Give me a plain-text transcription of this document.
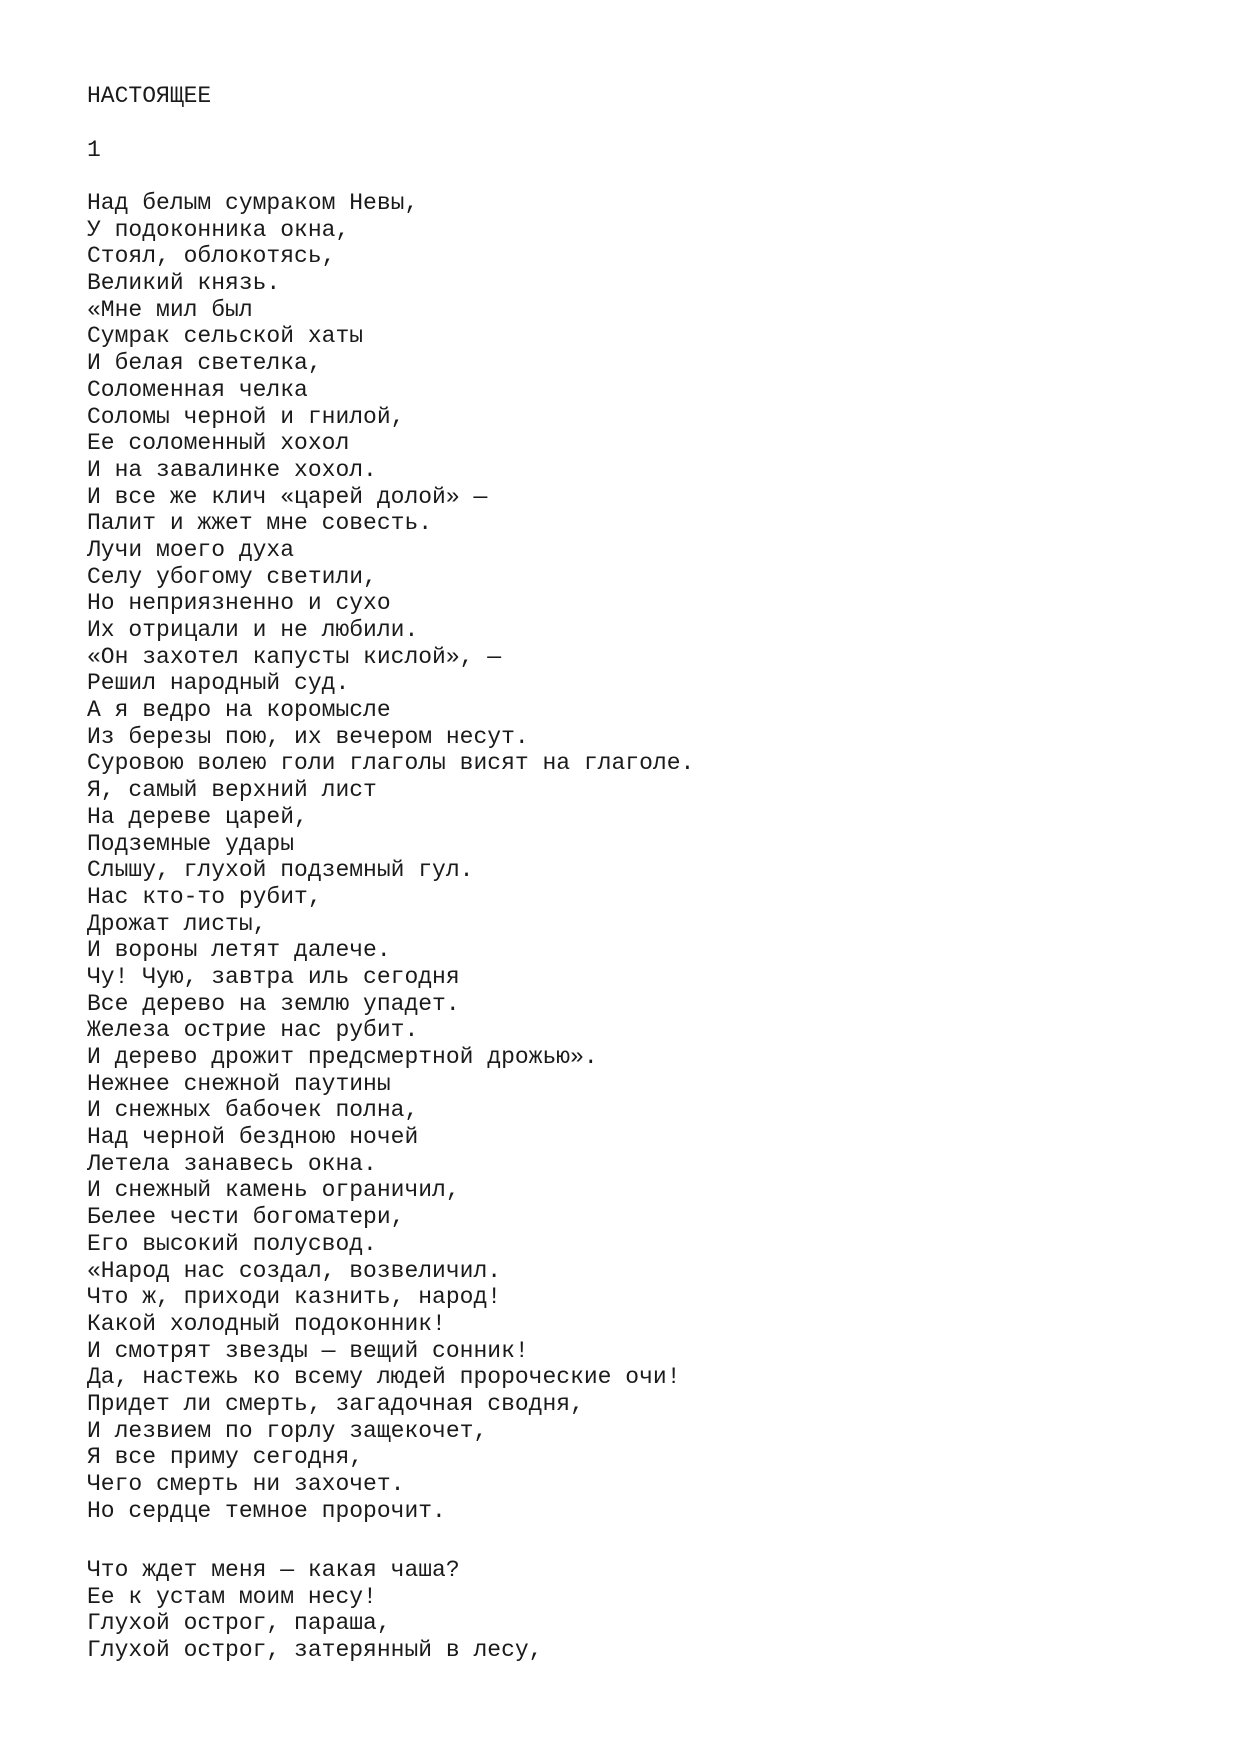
НАСТОЯЩЕЕ
1
Над белым сумраком Невы,
У подоконника окна,
Стоял, облокотясь,
Великий князь.
«Мне мил был
Сумрак сельской хаты
И белая светелка,
Соломенная челка
Соломы черной и гнилой,
Ее соломенный хохол
И на завалинке хохол.
И все же клич «царей долой» —
Палит и жжет мне совесть.
Лучи моего духа
Селу убогому светили,
Но неприязненно и сухо
Их отрицали и не любили.
«Он захотел капусты кислой», —
Решил народный суд.
А я ведро на коромысле
Из березы пою, их вечером несут.
Суровою волею голи глаголы висят на глаголе.
Я, самый верхний лист
На дереве царей,
Подземные удары
Слышу, глухой подземный гул.
Нас кто-то рубит,
Дрожат листы,
И вороны летят далече.
Чу! Чую, завтра иль сегодня
Все дерево на землю упадет.
Железа острие нас рубит.
И дерево дрожит предсмертной дрожью».
Нежнее снежной паутины
И снежных бабочек полна,
Над черной бездною ночей
Летела занавесь окна.
И снежный камень ограничил,
Белее чести богоматери,
Его высокий полусвод.
«Народ нас создал, возвеличил.
Что ж, приходи казнить, народ!
Какой холодный подоконник!
И смотрят звезды — вещий сонник!
Да, настежь ко всему людей пророческие очи!
Придет ли смерть, загадочная сводня,
И лезвием по горлу защекочет,
Я все приму сегодня,
Чего смерть ни захочет.
Но сердце темное пророчит.
Что ждет меня — какая чаша?
Ее к устам моим несу!
Глухой острог, параша,
Глухой острог, затерянный в лесу,
